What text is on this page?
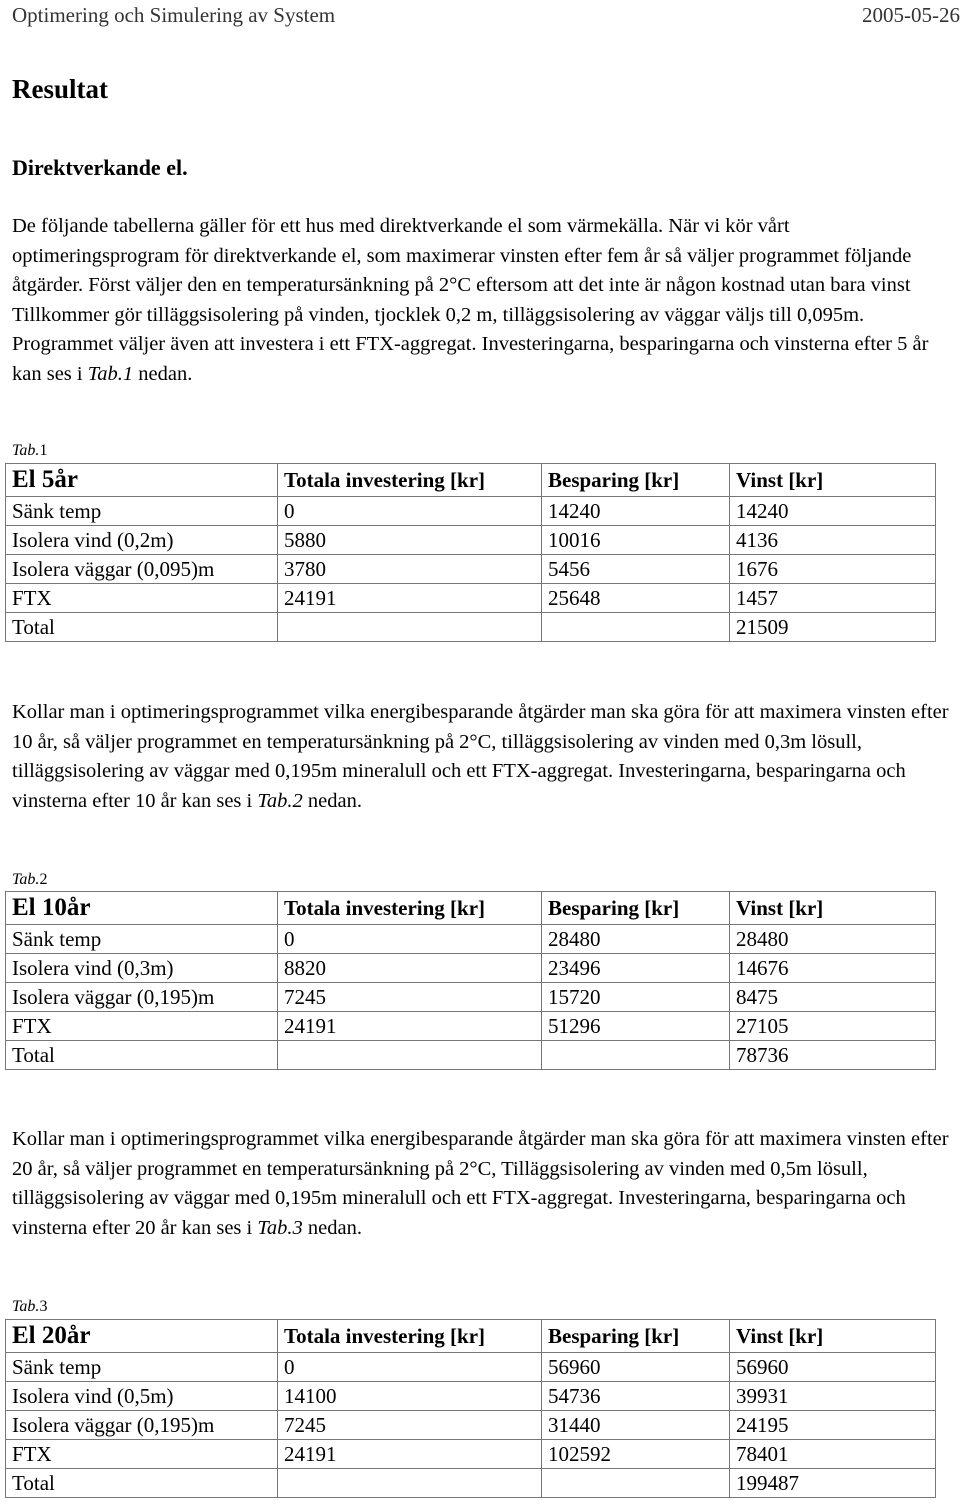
Optimering och Simulering av System	2005-05-26
Resultat
Direktverkande el.

De följande tabellerna gäller för ett hus med direktverkande el som värmekälla. När vi kör vårt optimeringsprogram för direktverkande el, som maximerar vinsten efter fem år så väljer programmet följande åtgärder. Först väljer den en temperatursänkning på 2°C eftersom att det inte är någon kostnad utan bara vinst

Tillkommer gör tilläggsisolering på vinden, tjocklek 0,2 m, tilläggsisolering av väggar väljs till 0,095m. Programmet väljer även att investera i ett FTX-aggregat. Investeringarna, besparingarna och vinsterna efter 5 år kan ses i Tab.1 nedan.

Tab.1
El 5år	Totala investering [kr]	Besparing [kr]	Vinst [kr]
Sänk temp	0	14240	14240
Isolera vind (0,2m)	5880	10016	4136
Isolera väggar (0,095)m	3780	5456	1676
FTX	24191	25648	1457
Total			21509

Kollar man i optimeringsprogrammet vilka energibesparande åtgärder man ska göra för att maximera vinsten efter 10 år, så väljer programmet en temperatursänkning på 2°C, tilläggsisolering av vinden med 0,3m lösull, tilläggsisolering av väggar med 0,195m mineralull och ett FTX-aggregat. Investeringarna, besparingarna och vinsterna efter 10 år kan ses i Tab.2 nedan.

Tab.2
El 10år	Totala investering [kr]	Besparing [kr]	Vinst [kr]
Sänk temp	0	28480	28480
Isolera vind (0,3m)	8820	23496	14676
Isolera väggar (0,195)m	7245	15720	8475
FTX	24191	51296	27105
Total			78736

Kollar man i optimeringsprogrammet vilka energibesparande åtgärder man ska göra för att maximera vinsten efter 20 år, så väljer programmet en temperatursänkning på 2°C, Tilläggsisolering av vinden med 0,5m lösull, tilläggsisolering av väggar med 0,195m mineralull och ett FTX-aggregat. Investeringarna, besparingarna och vinsterna efter 20 år kan ses i Tab.3 nedan.

Tab.3
El 20år	Totala investering [kr]	Besparing [kr]	Vinst [kr]
Sänk temp	0	56960	56960
Isolera vind (0,5m)	14100	54736	39931
Isolera väggar (0,195)m	7245	31440	24195
FTX	24191	102592	78401
Total			199487
